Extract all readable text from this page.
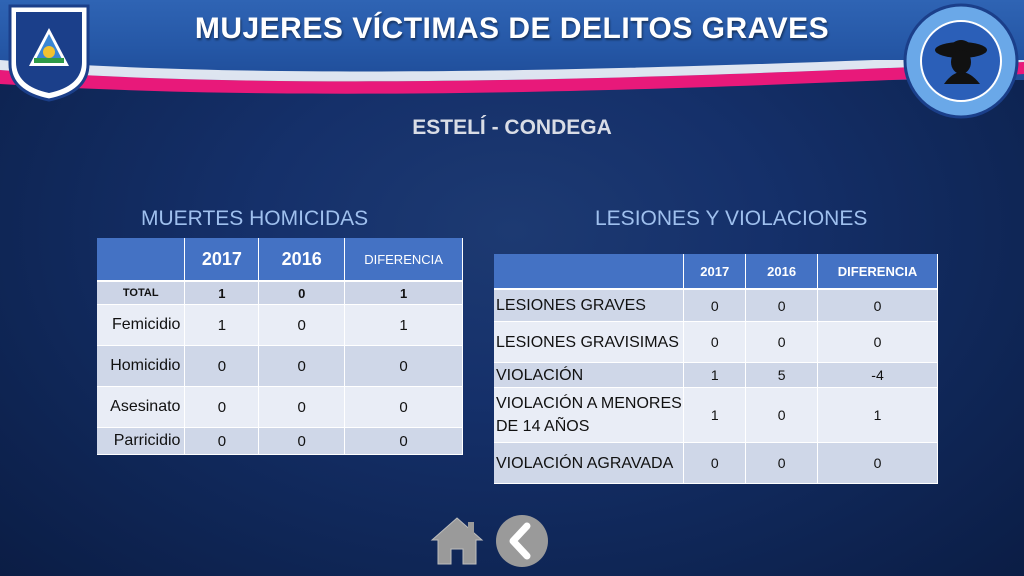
MUJERES VÍCTIMAS DE DELITOS GRAVES
ESTELÍ - CONDEGA
MUERTES HOMICIDAS	LESIONES Y VIOLACIONES
	2017	2016	DIFERENCIA
TOTAL	1	0	1
Femicidio	1	0	1
Homicidio	0	0	0
Asesinato	0	0	0
Parricidio	0	0	0
	2017	2016	DIFERENCIA
LESIONES GRAVES	0	0	0
LESIONES GRAVISIMAS	0	0	0
VIOLACIÓN	1	5	-4
VIOLACIÓN A MENORES DE 14 AÑOS	1	0	1
VIOLACIÓN AGRAVADA	0	0	0
